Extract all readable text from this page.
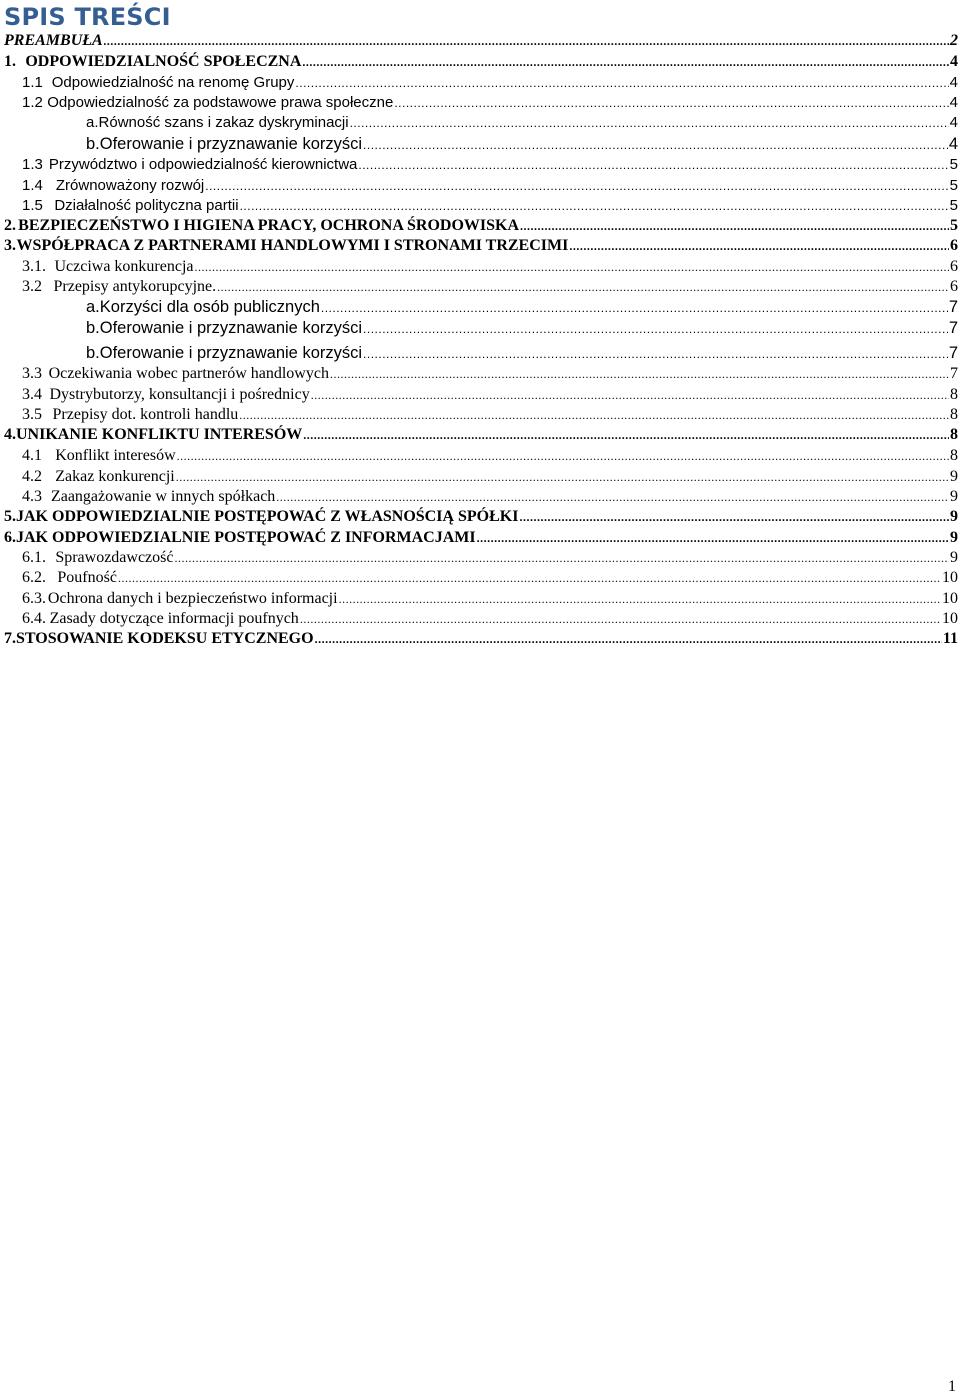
SPIS TREŚCI
PREAMBUŁA .....	2
1. ODPOWIEDZIALNOŚĆ SPOŁECZNA .....	4
1.1 Odpowiedzialność na renomę Grupy .....	4
1.2 Odpowiedzialność za podstawowe prawa społeczne .....	4
a. Równość szans i zakaz dyskryminacji .....	4
b. Oferowanie i przyznawanie korzyści .....	4
1.3 Przywództwo i odpowiedzialność kierownictwa .....	5
1.4 Zrównoważony rozwój .....	5
1.5 Działalność polityczna partii .....	5
2. BEZPIECZEŃSTWO I HIGIENA PRACY, OCHRONA ŚRODOWISKA .....	5
3. WSPÓŁPRACA Z PARTNERAMI HANDLOWYMI I STRONAMI TRZECIMI .....	6
3.1. Uczciwa konkurencja .....	6
3.2 Przepisy antykorupcyjne. .....	6
a. Korzyści dla osób publicznych .....	7
b. Oferowanie i przyznawanie korzyści .....	7
b. Oferowanie i przyznawanie korzyści .....	7
3.3 Oczekiwania wobec partnerów handlowych .....	7
3.4 Dystrybutorzy, konsultancji i pośrednicy .....	8
3.5 Przepisy dot. kontroli handlu .....	8
4. UNIKANIE KONFLIKTU INTERESÓW .....	8
4.1 Konflikt interesów .....	8
4.2 Zakaz konkurencji .....	9
4.3 Zaangażowanie w innych spółkach .....	9
5. JAK ODPOWIEDZIALNIE POSTĘPOWAĆ Z WŁASNOŚCIĄ SPÓŁKI .....	9
6. JAK ODPOWIEDZIALNIE POSTĘPOWAĆ Z INFORMACJAMI .....	9
6.1. Sprawozdawczość .....	9
6.2. Poufność .....	10
6.3. Ochrona danych i bezpieczeństwo informacji .....	10
6.4. Zasady dotyczące informacji poufnych .....	10
7. STOSOWANIE KODEKSU ETYCZNEGO .....	11
1
